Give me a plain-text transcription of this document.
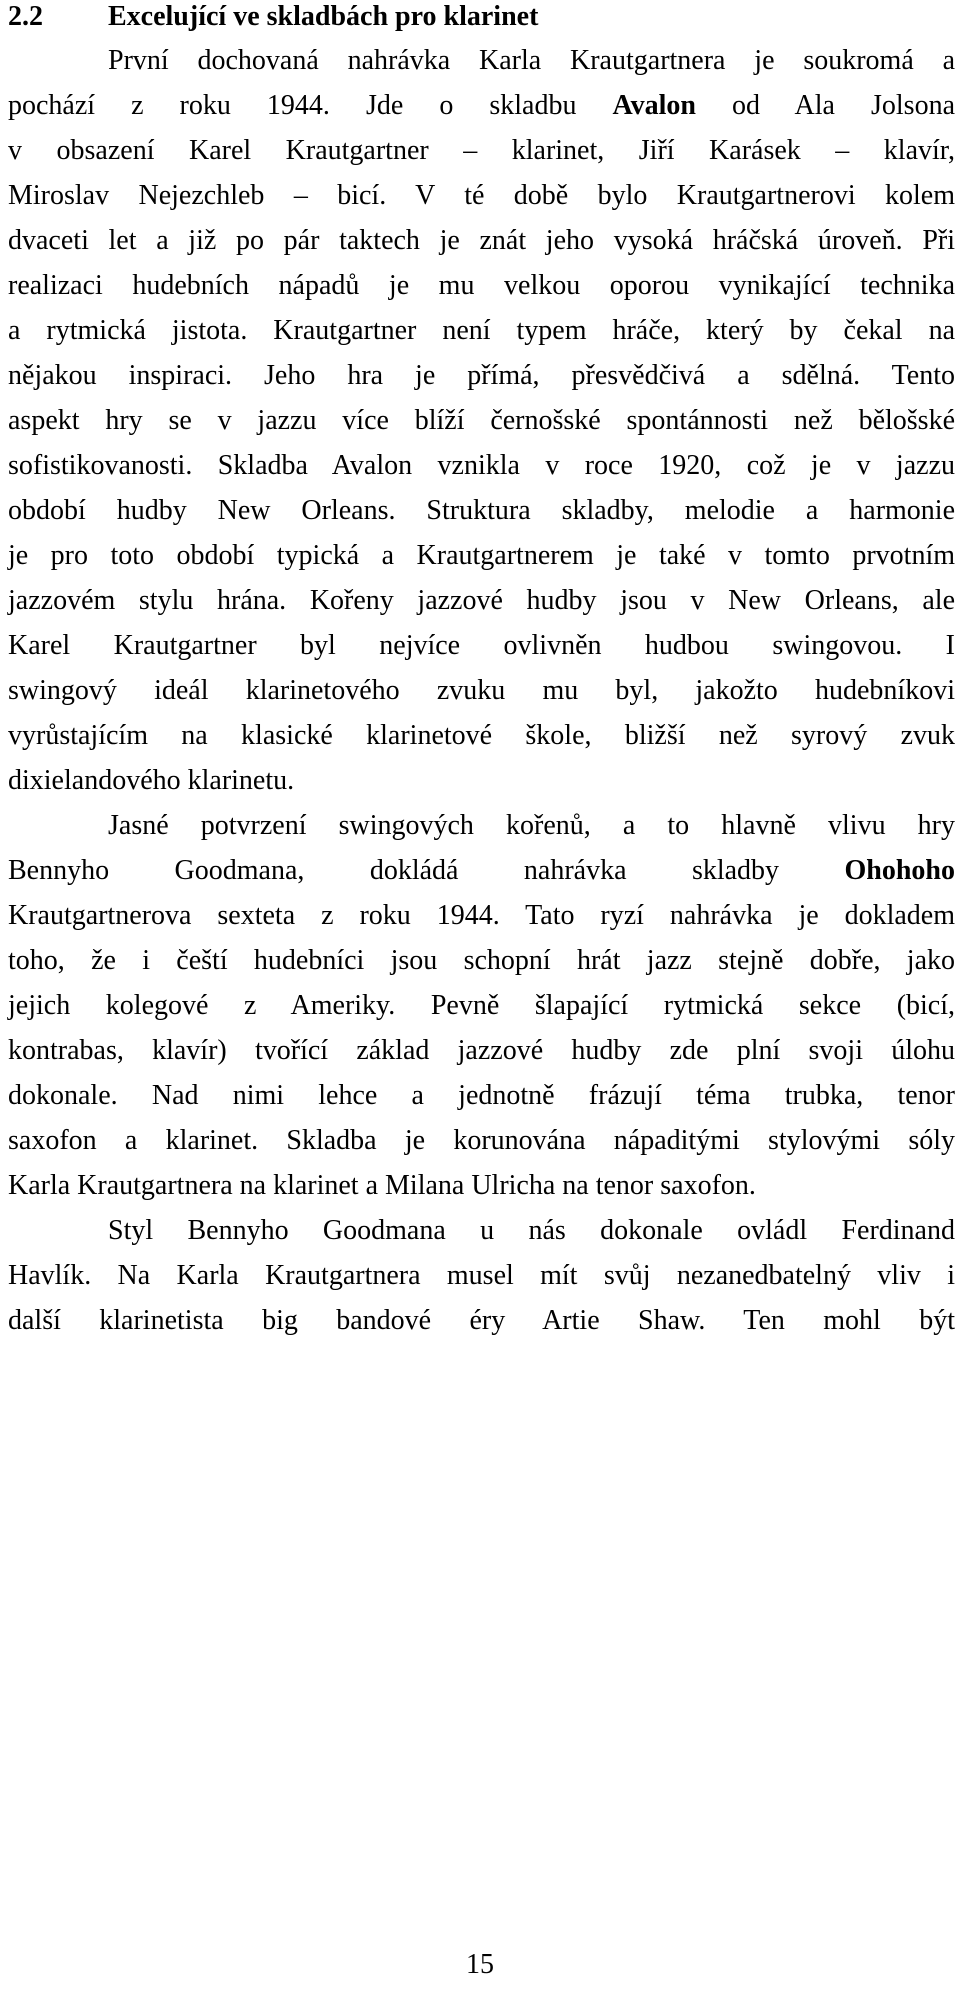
2.2 Excelující ve skladbách pro klarinet
První dochovaná nahrávka Karla Krautgartnera je soukromá a
pochází z roku 1944. Jde o skladbu Avalon od Ala Jolsona
v obsazení Karel Krautgartner – klarinet, Jiří Karásek – klavír,
Miroslav Nejezchleb – bicí. V té době bylo Krautgartnerovi kolem
dvaceti let a již po pár taktech je znát jeho vysoká hráčská úroveň. Při
realizaci hudebních nápadů je mu velkou oporou vynikající technika
a rytmická jistota. Krautgartner není typem hráče, který by čekal na
nějakou inspiraci. Jeho hra je přímá, přesvědčivá a sdělná. Tento
aspekt hry se v jazzu více blíží černošské spontánnosti než bělošské
sofistikovanosti. Skladba Avalon vznikla v roce 1920, což je v jazzu
období hudby New Orleans. Struktura skladby, melodie a harmonie
je pro toto období typická a Krautgartnerem je také v tomto prvotním
jazzovém stylu hrána. Kořeny jazzové hudby jsou v New Orleans, ale
Karel Krautgartner byl nejvíce ovlivněn hudbou swingovou. I
swingový ideál klarinetového zvuku mu byl, jakožto hudebníkovi
vyrůstajícím na klasické klarinetové škole, bližší než syrový zvuk
dixielandového klarinetu.
Jasné potvrzení swingových kořenů, a to hlavně vlivu hry
Bennyho Goodmana, dokládá nahrávka skladby Ohohoho
Krautgartnerova sexteta z roku 1944. Tato ryzí nahrávka je dokladem
toho, že i čeští hudebníci jsou schopní hrát jazz stejně dobře, jako
jejich kolegové z Ameriky. Pevně šlapající rytmická sekce (bicí,
kontrabas, klavír) tvořící základ jazzové hudby zde plní svoji úlohu
dokonale. Nad nimi lehce a jednotně frázují téma trubka, tenor
saxofon a klarinet. Skladba je korunována nápaditými stylovými sóly
Karla Krautgartnera na klarinet a Milana Ulricha na tenor saxofon.
Styl Bennyho Goodmana u nás dokonale ovládl Ferdinand
Havlík. Na Karla Krautgartnera musel mít svůj nezanedbatelný vliv i
další klarinetista big bandové éry Artie Shaw. Ten mohl být
15
